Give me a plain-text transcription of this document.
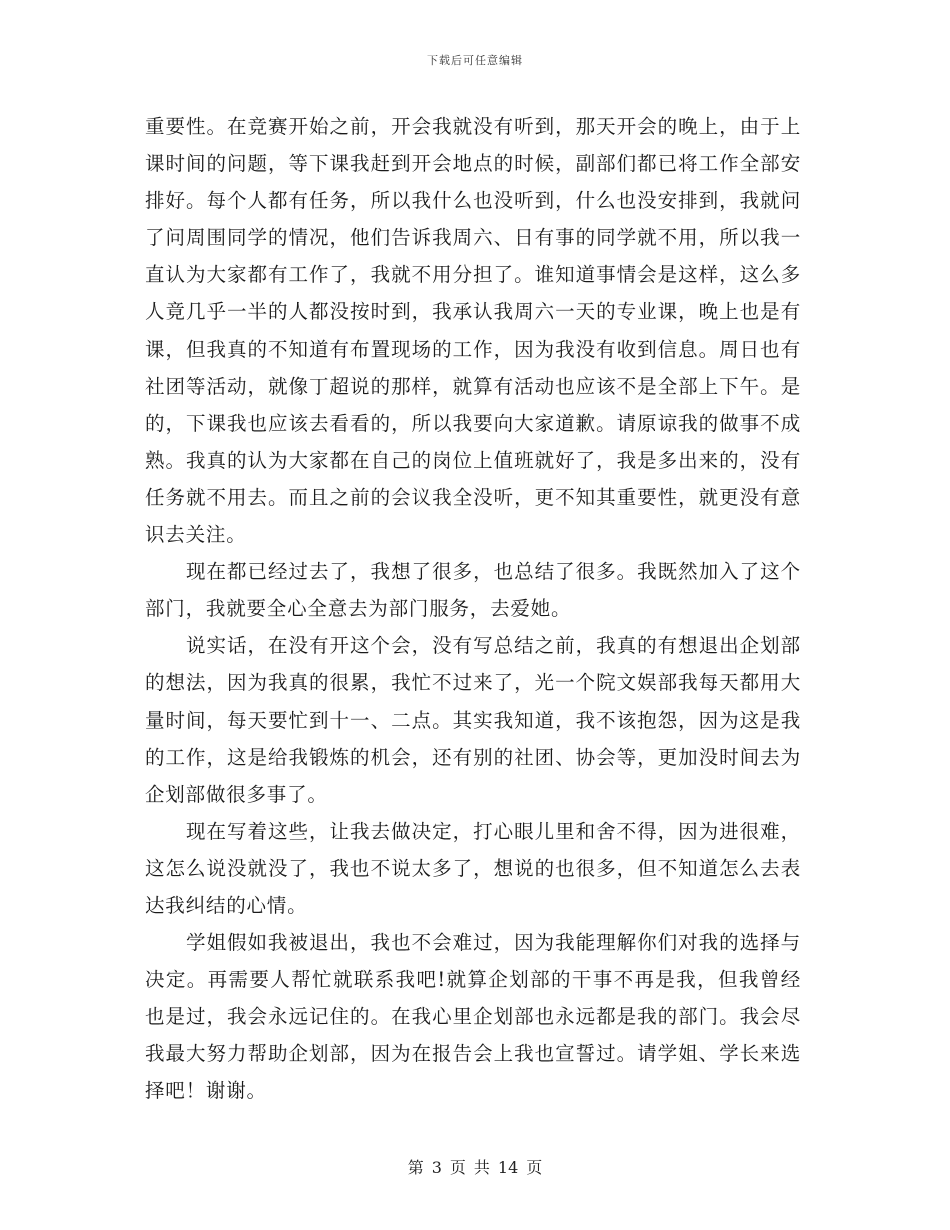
下载后可任意编辑

重要性。在竞赛开始之前，开会我就没有听到，那天开会的晚上，由于上课时间的问题，等下课我赶到开会地点的时候，副部们都已将工作全部安排好。每个人都有任务，所以我什么也没听到，什么也没安排到，我就问了问周围同学的情况，他们告诉我周六、日有事的同学就不用，所以我一直认为大家都有工作了，我就不用分担了。谁知道事情会是这样，这么多人竟几乎一半的人都没按时到，我承认我周六一天的专业课，晚上也是有课，但我真的不知道有布置现场的工作，因为我没有收到信息。周日也有社团等活动，就像丁超说的那样，就算有活动也应该不是全部上下午。是的，下课我也应该去看看的，所以我要向大家道歉。请原谅我的做事不成熟。我真的认为大家都在自己的岗位上值班就好了，我是多出来的，没有任务就不用去。而且之前的会议我全没听，更不知其重要性，就更没有意识去关注。

现在都已经过去了，我想了很多，也总结了很多。我既然加入了这个部门，我就要全心全意去为部门服务，去爱她。

说实话，在没有开这个会，没有写总结之前，我真的有想退出企划部的想法，因为我真的很累，我忙不过来了，光一个院文娱部我每天都用大量时间，每天要忙到十一、二点。其实我知道，我不该抱怨，因为这是我的工作，这是给我锻炼的机会，还有别的社团、协会等，更加没时间去为企划部做很多事了。

现在写着这些，让我去做决定，打心眼儿里和舍不得，因为进很难，这怎么说没就没了，我也不说太多了，想说的也很多，但不知道怎么去表达我纠结的心情。

学姐假如我被退出，我也不会难过，因为我能理解你们对我的选择与决定。再需要人帮忙就联系我吧!就算企划部的干事不再是我，但我曾经也是过，我会永远记住的。在我心里企划部也永远都是我的部门。我会尽我最大努力帮助企划部，因为在报告会上我也宣誓过。请学姐、学长来选择吧！谢谢。

第 3 页 共 14 页
